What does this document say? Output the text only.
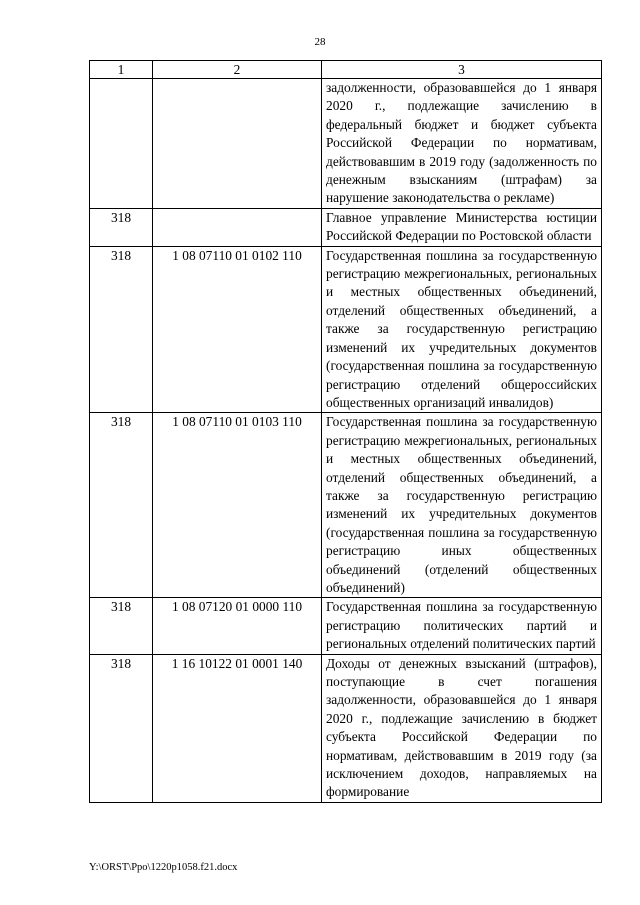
28
1	2	3
		задолженности, образовавшейся до 1 января 2020 г., подлежащие зачислению в федеральный бюджет и бюджет субъекта Российской Федерации по нормативам, действовавшим в 2019 году (задолженность по денежным взысканиям (штрафам) за нарушение законодательства о рекламе)
318		Главное управление Министерства юстиции Российской Федерации по Ростовской области
318	1 08 07110 01 0102 110	Государственная пошлина за государственную регистрацию межрегиональных, региональных и местных общественных объединений, отделений общественных объединений, а также за государственную регистрацию изменений их учредительных документов (государственная пошлина за государственную регистрацию отделений общероссийских общественных организаций инвалидов)
318	1 08 07110 01 0103 110	Государственная пошлина за государственную регистрацию межрегиональных, региональных и местных общественных объединений, отделений общественных объединений, а также за государственную регистрацию изменений их учредительных документов (государственная пошлина за государственную регистрацию иных общественных объединений (отделений общественных объединений)
318	1 08 07120 01 0000 110	Государственная пошлина за государственную регистрацию политических партий и региональных отделений политических партий
318	1 16 10122 01 0001 140	Доходы от денежных взысканий (штрафов), поступающие в счет погашения задолженности, образовавшейся до 1 января 2020 г., подлежащие зачислению в бюджет субъекта Российской Федерации по нормативам, действовавшим в 2019 году (за исключением доходов, направляемых на формирование
Y:\ORST\Ppo\1220p1058.f21.docx
